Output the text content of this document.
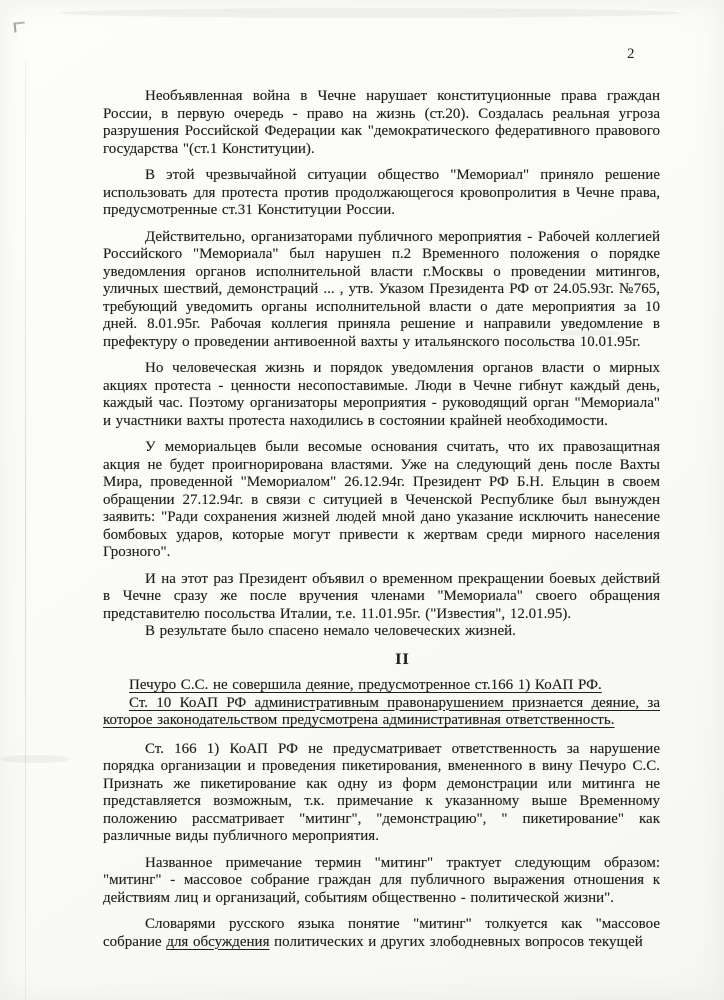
2

Необъявленная война в Чечне нарушает конституционные права граждан России, в первую очередь - право на жизнь (ст.20). Создалась реальная угроза разрушения Российской Федерации как "демократического федеративного правового государства "(ст.1 Конституции).

В этой чрезвычайной ситуации общество "Мемориал" приняло решение использовать для протеста против продолжающегося кровопролития в Чечне права, предусмотренные ст.31 Конституции России.

Действительно, организаторами публичного мероприятия - Рабочей коллегией Российского "Мемориала" был нарушен п.2 Временного положения о порядке уведомления органов исполнительной власти г.Москвы о проведении митингов, уличных шествий, демонстраций ... , утв. Указом Президента РФ от 24.05.93г. №765, требующий уведомить органы исполнительной власти о дате мероприятия за 10 дней. 8.01.95г. Рабочая коллегия приняла решение и направили уведомление в префектуру о проведении антивоенной вахты у итальянского посольства 10.01.95г.

Но человеческая жизнь и порядок уведомления органов власти о мирных акциях протеста - ценности несопоставимые. Люди в Чечне гибнут каждый день, каждый час. Поэтому организаторы мероприятия - руководящий орган "Мемориала" и участники вахты протеста находились в состоянии крайней необходимости.

У мемориальцев были весомые основания считать, что их правозащитная акция не будет проигнорирована властями. Уже на следующий день после Вахты Мира, проведенной "Мемориалом" 26.12.94г. Президент РФ Б.Н. Ельцин в своем обращении 27.12.94г. в связи с ситуцией в Чеченской Республике был вынужден заявить: "Ради сохранения жизней людей мной дано указание исключить нанесение бомбовых ударов, которые могут привести к жертвам среди мирного населения Грозного".

И на этот раз Президент объявил о временном прекращении боевых действий в Чечне сразу же после вручения членами "Мемориала" своего обращения представителю посольства Италии, т.е. 11.01.95г. ("Известия", 12.01.95).

В результате было спасено немало человеческих жизней.

II

Печуро С.С. не совершила деяние, предусмотренное ст.166 1) КоАП РФ.

Ст. 10 КоАП РФ административным правонарушением признается деяние, за которое законодательством предусмотрена административная ответственность.

Ст. 166 1) КоАП РФ не предусматривает ответственность за нарушение порядка организации и проведения пикетирования, вмененного в вину Печуро С.С. Признать же пикетирование как одну из форм демонстрации или митинга не представляется возможным, т.к. примечание к указанному выше Временному положению рассматривает "митинг", "демонстрацию", " пикетирование" как различные виды публичного мероприятия.

Названное примечание термин "митинг" трактует следующим образом: "митинг" - массовое собрание граждан для публичного выражения отношения к действиям лиц и организаций, событиям общественно - политической жизни".

Словарями русского языка понятие "митинг" толкуется как "массовое собрание для обсуждения политических и других злободневных вопросов текущей
